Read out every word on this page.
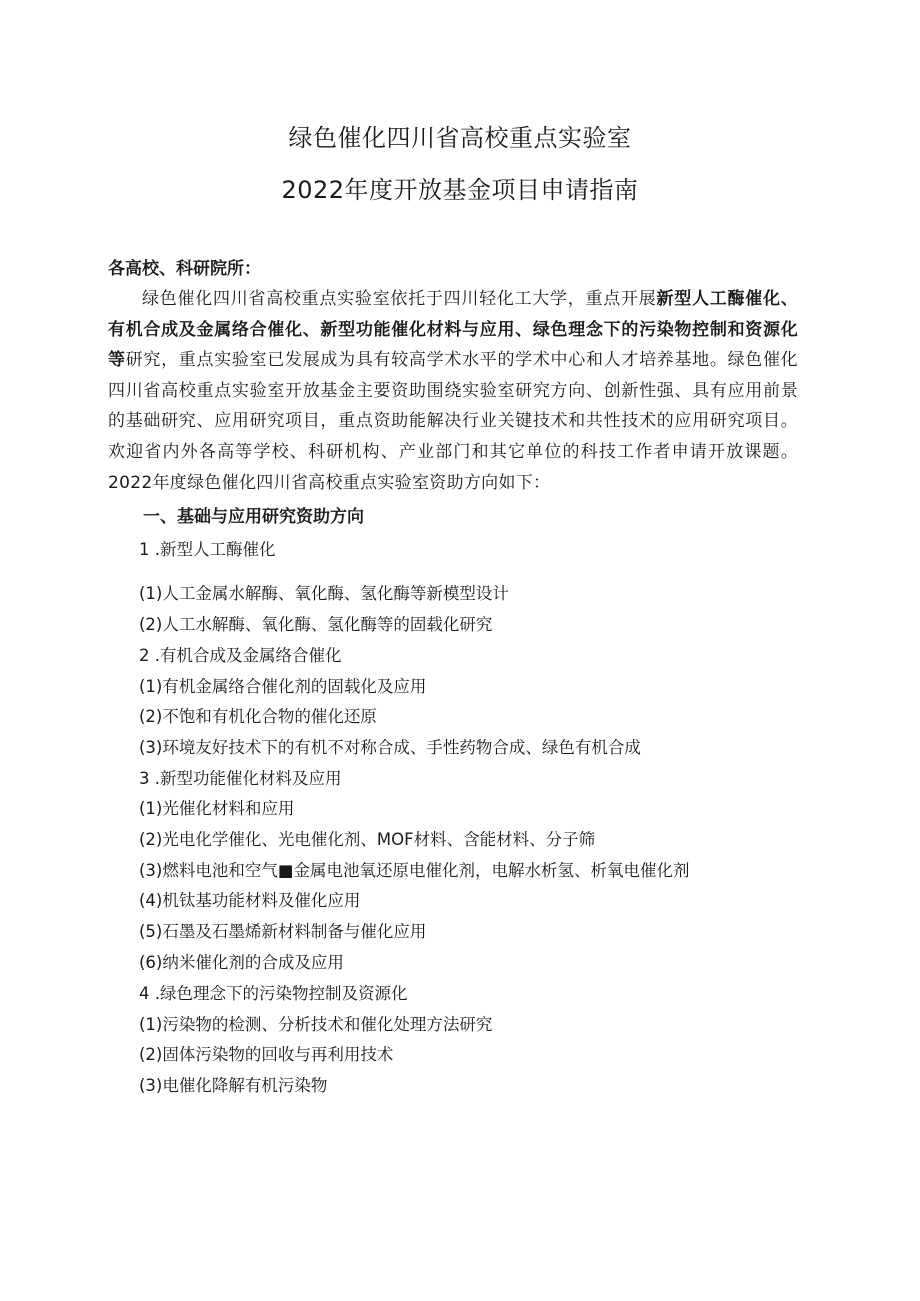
绿色催化四川省高校重点实验室
2022年度开放基金项目申请指南
各高校、科研院所：
绿色催化四川省高校重点实验室依托于四川轻化工大学，重点开展新型人工酶催化、有机合成及金属络合催化、新型功能催化材料与应用、绿色理念下的污染物控制和资源化等研究，重点实验室已发展成为具有较高学术水平的学术中心和人才培养基地。绿色催化四川省高校重点实验室开放基金主要资助围绕实验室研究方向、创新性强、具有应用前景的基础研究、应用研究项目，重点资助能解决行业关键技术和共性技术的应用研究项目。欢迎省内外各高等学校、科研机构、产业部门和其它单位的科技工作者申请开放课题。2022年度绿色催化四川省高校重点实验室资助方向如下：
一、基础与应用研究资助方向
1 .新型人工酶催化
(1)人工金属水解酶、氧化酶、氢化酶等新模型设计
(2)人工水解酶、氧化酶、氢化酶等的固载化研究
2 .有机合成及金属络合催化
(1)有机金属络合催化剂的固载化及应用
(2)不饱和有机化合物的催化还原
(3)环境友好技术下的有机不对称合成、手性药物合成、绿色有机合成
3 .新型功能催化材料及应用
(1)光催化材料和应用
(2)光电化学催化、光电催化剂、MOF材料、含能材料、分子筛
(3)燃料电池和空气■金属电池氧还原电催化剂，电解水析氢、析氧电催化剂
(4)机钛基功能材料及催化应用
(5)石墨及石墨烯新材料制备与催化应用
(6)纳米催化剂的合成及应用
4 .绿色理念下的污染物控制及资源化
(1)污染物的检测、分析技术和催化处理方法研究
(2)固体污染物的回收与再利用技术
(3)电催化降解有机污染物
